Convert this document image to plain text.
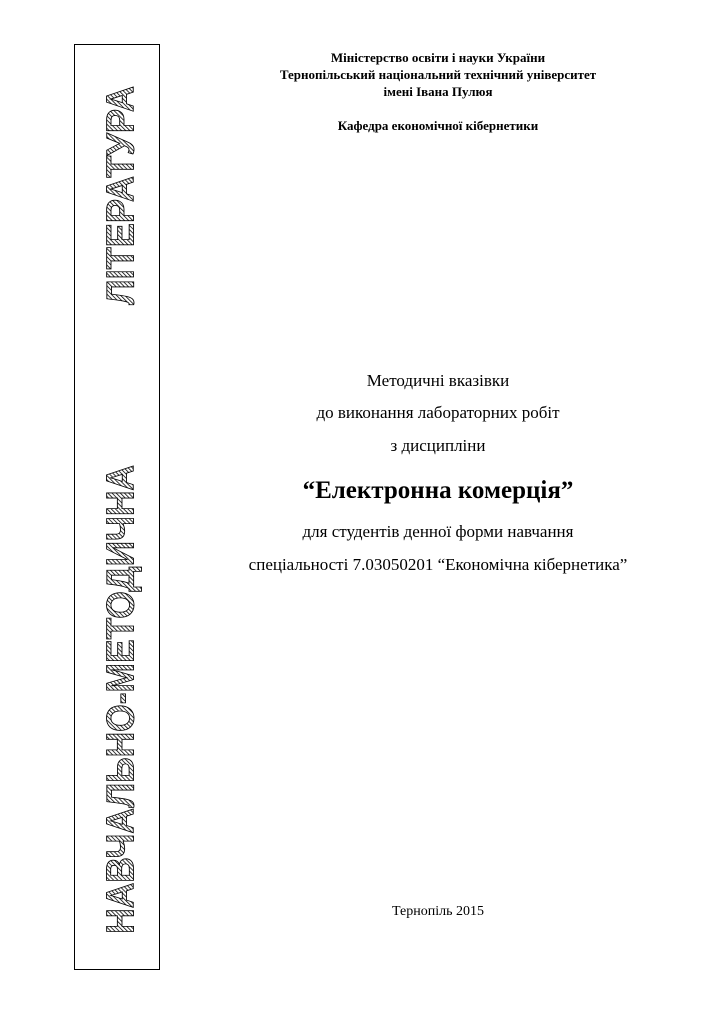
ЛІТЕРАТУРА
НАВЧАЛЬНО-МЕТОДИЧНА
Міністерство освіти і науки України
Тернопільський національний технічний університет
імені Івана Пулюя
Кафедра економічної кібернетики
Методичні вказівки
до виконання лабораторних робіт
з дисципліни
“Електронна комерція”
для студентів денної форми навчання
спеціальності 7.03050201 “Економічна кібернетика”
Тернопіль 2015
